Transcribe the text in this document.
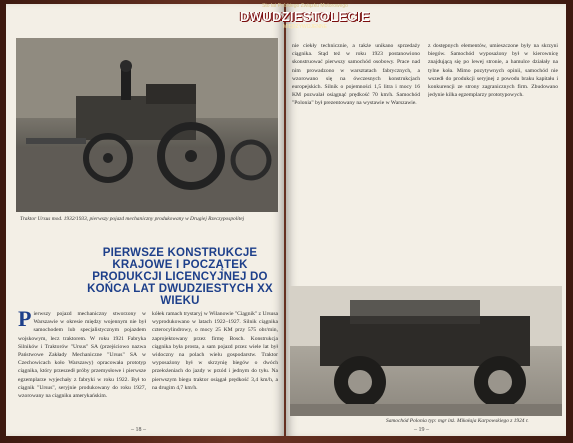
Traktor Ursus mod. 1932/1933, pierwszy pojazd mechaniczny produkowany w Drugiej Rzeczypospolitej
PIERWSZE KONSTRUKCJE KRAJOWE I POCZĄTEK PRODUKCJI LICENCYJNEJ DO KOŃCA LAT DWUDZIESTYCH XX WIEKU
Pierwszy pojazd mechaniczny stworzony w Warszawie w okresie między wojennym nie był samochodem lub specjalistycznym pojazdem wojskowym, lecz traktorem. W roku 1921 Fabryka Silników i Traktorów "Ursus" SA (przejściowo nazwa Państwowe Zakłady Mechaniczne "Ursus" SA w Czechowicach koło Warszawy) opracowała prototyp ciągnika, który przeszedł próby przemysłowe i pierwsze egzemplarze wyjechały z fabryki w roku 1922. Był to ciągnik "Ursus", seryjnie produkowany do roku 1927, wzorowany na ciągniku amerykańskim.
kółek ramach trystaryj w Wilanowie "Ciągnik" z Ursusa wyprodukowano w latach 1922–1927. Silnik ciągnika czterocylindrowy, o mocy 25 KM przy 575 obr/min, zaprojektowany przez firmę Bosch. Konstrukcja ciągnika była prosta, a sam pojazd przez wiele lat był widoczny na polach wielu gospodarstw. Traktor wyposażony był w skrzynię biegów o dwóch przełożeniach do jazdy w przód i jednym do tyłu. Na pierwszym biegu traktor osiągał prędkość 3,4 km/h, a na drugim 4,7 km/h.
– 18 –
nie ciekły technicznie, a także unikano sprzedaży ciągnika. Stąd też w roku 1923 postanowiono skonstruować pierwszy samochód osobowy. Prace nad nim prowadzono w warsztatach fabrycznych, a wzorowano się na ówczesnych konstrukcjach europejskich. Silnik o pojemności 1,5 litra i mocy 16 KM pozwalał osiągnąć prędkość 70 km/h. Samochód "Polonia" był prezentowany na wystawie w Warszawie.
z dostępnych elementów, umieszczone były na skrzyni biegów. Samochód wyposażony był w kierownicę znajdującą się po lewej stronie, a hamulce działały na tylne koła. Mimo pozytywnych opinii, samochód nie wszedł do produkcji seryjnej z powodu braku kapitału i konkurencji ze strony zagranicznych firm. Zbudowano jedynie kilka egzemplarzy prototypowych.
Samochód Polonia typ: mgr inż. Mikołaja Karpowskiego z 1924 r.
– 19 –
Sto lat Polskiego Związku Motorowego
DWUDZIESTOLECIE
MIĘDZYWOJENNE
